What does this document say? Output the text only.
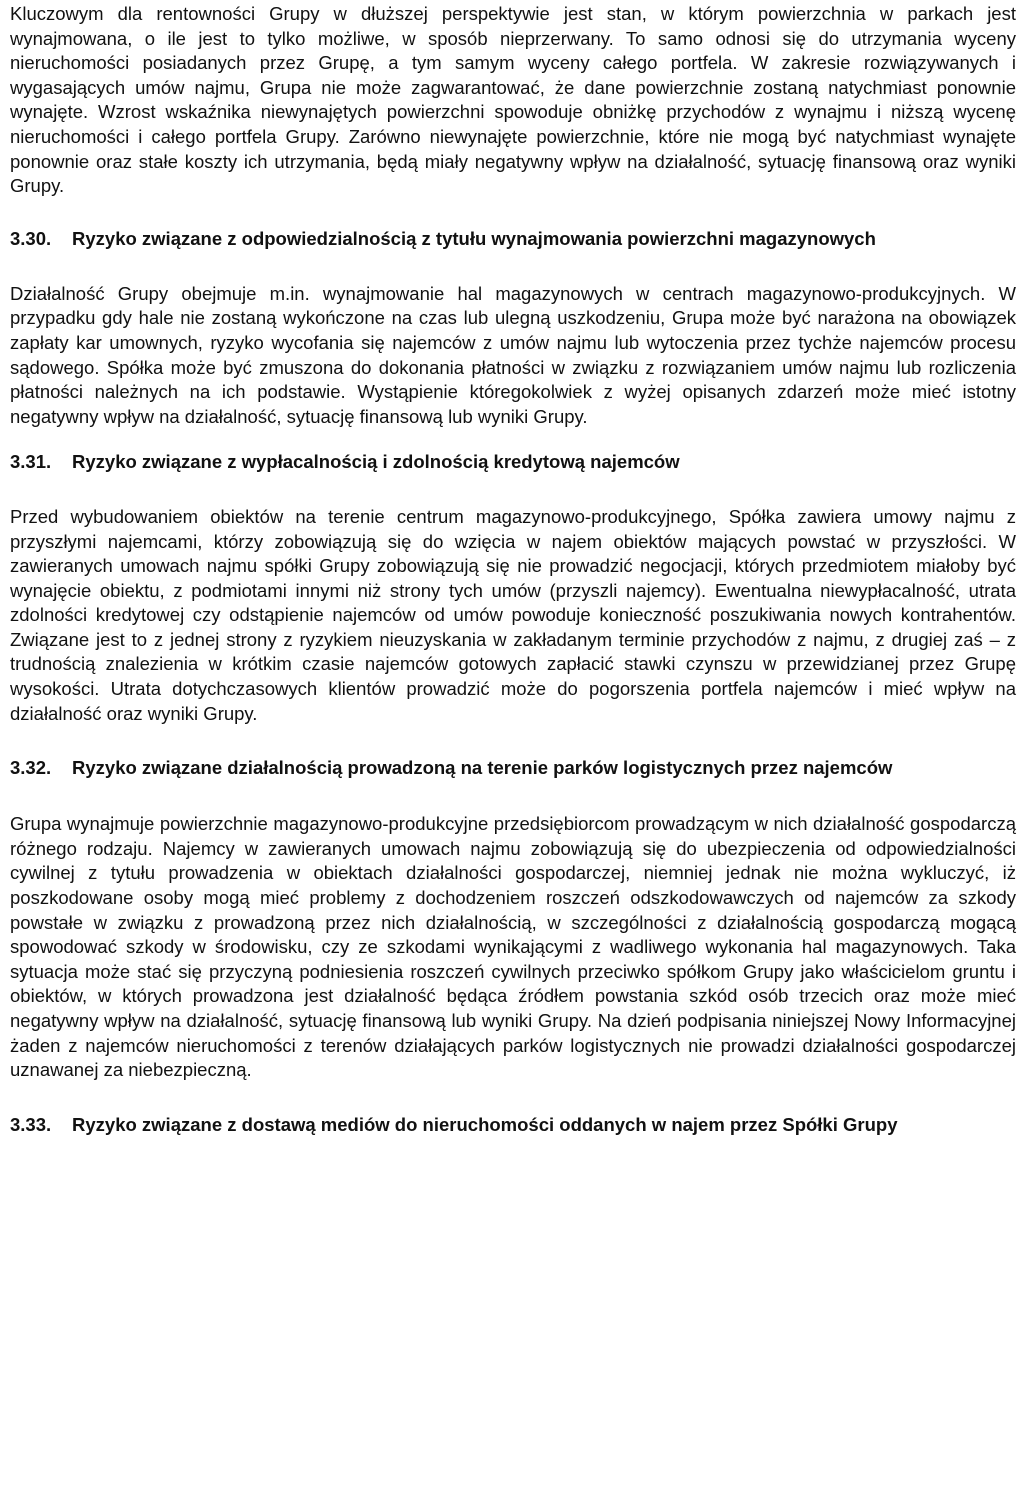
Kluczowym dla rentowności Grupy w dłuższej perspektywie jest stan, w którym powierzchnia w parkach jest wynajmowana, o ile jest to tylko możliwe, w sposób nieprzerwany. To samo odnosi się do utrzymania wyceny nieruchomości posiadanych przez Grupę, a tym samym wyceny całego portfela. W zakresie rozwiązywanych i wygasających umów najmu, Grupa nie może zagwarantować, że dane powierzchnie zostaną natychmiast ponownie wynajęte. Wzrost wskaźnika niewynajętych powierzchni spowoduje obniżkę przychodów z wynajmu i niższą wycenę nieruchomości i całego portfela Grupy. Zarówno niewynajęte powierzchnie, które nie mogą być natychmiast wynajęte ponownie oraz stałe koszty ich utrzymania, będą miały negatywny wpływ na działalność, sytuację finansową oraz wyniki Grupy.

3.30.	Ryzyko związane z odpowiedzialnością z tytułu wynajmowania powierzchni magazynowych

Działalność Grupy obejmuje m.in. wynajmowanie hal magazynowych w centrach magazynowo-produkcyjnych. W przypadku gdy hale nie zostaną wykończone na czas lub ulegną uszkodzeniu, Grupa może być narażona na obowiązek zapłaty kar umownych, ryzyko wycofania się najemców z umów najmu lub wytoczenia przez tychże najemców procesu sądowego. Spółka może być zmuszona do dokonania płatności w związku z rozwiązaniem umów najmu lub rozliczenia płatności należnych na ich podstawie. Wystąpienie któregokolwiek z wyżej opisanych zdarzeń może mieć istotny negatywny wpływ na działalność, sytuację finansową lub wyniki Grupy.

3.31.	Ryzyko związane z wypłacalnością i zdolnością kredytową najemców

Przed wybudowaniem obiektów na terenie centrum magazynowo-produkcyjnego, Spółka zawiera umowy najmu z przyszłymi najemcami, którzy zobowiązują się do wzięcia w najem obiektów mających powstać w przyszłości. W zawieranych umowach najmu spółki Grupy zobowiązują się nie prowadzić negocjacji, których przedmiotem miałoby być wynajęcie obiektu, z podmiotami innymi niż strony tych umów (przyszli najemcy). Ewentualna niewypłacalność, utrata zdolności kredytowej czy odstąpienie najemców od umów powoduje konieczność poszukiwania nowych kontrahentów. Związane jest to z jednej strony z ryzykiem nieuzyskania w zakładanym terminie przychodów z najmu, z drugiej zaś – z trudnością znalezienia w krótkim czasie najemców gotowych zapłacić stawki czynszu w przewidzianej przez Grupę wysokości. Utrata dotychczasowych klientów prowadzić może do pogorszenia portfela najemców i mieć wpływ na działalność oraz wyniki Grupy.

3.32.	Ryzyko związane działalnością prowadzoną na terenie parków logistycznych przez najemców

Grupa wynajmuje powierzchnie magazynowo-produkcyjne przedsiębiorcom prowadzącym w nich działalność gospodarczą różnego rodzaju. Najemcy w zawieranych umowach najmu zobowiązują się do ubezpieczenia od odpowiedzialności cywilnej z tytułu prowadzenia w obiektach działalności gospodarczej, niemniej jednak nie można wykluczyć, iż poszkodowane osoby mogą mieć problemy z dochodzeniem roszczeń odszkodowawczych od najemców za szkody powstałe w związku z prowadzoną przez nich działalnością, w szczególności z działalnością gospodarczą mogącą spowodować szkody w środowisku, czy ze szkodami wynikającymi z wadliwego wykonania hal magazynowych. Taka sytuacja może stać się przyczyną podniesienia roszczeń cywilnych przeciwko spółkom Grupy jako właścicielom gruntu i obiektów, w których prowadzona jest działalność będąca źródłem powstania szkód osób trzecich oraz może mieć negatywny wpływ na działalność, sytuację finansową lub wyniki Grupy. Na dzień podpisania niniejszej Nowy Informacyjnej żaden z najemców nieruchomości z terenów działających parków logistycznych nie prowadzi działalności gospodarczej uznawanej za niebezpieczną.

3.33.	Ryzyko związane z dostawą mediów do nieruchomości oddanych w najem przez Spółki Grupy
